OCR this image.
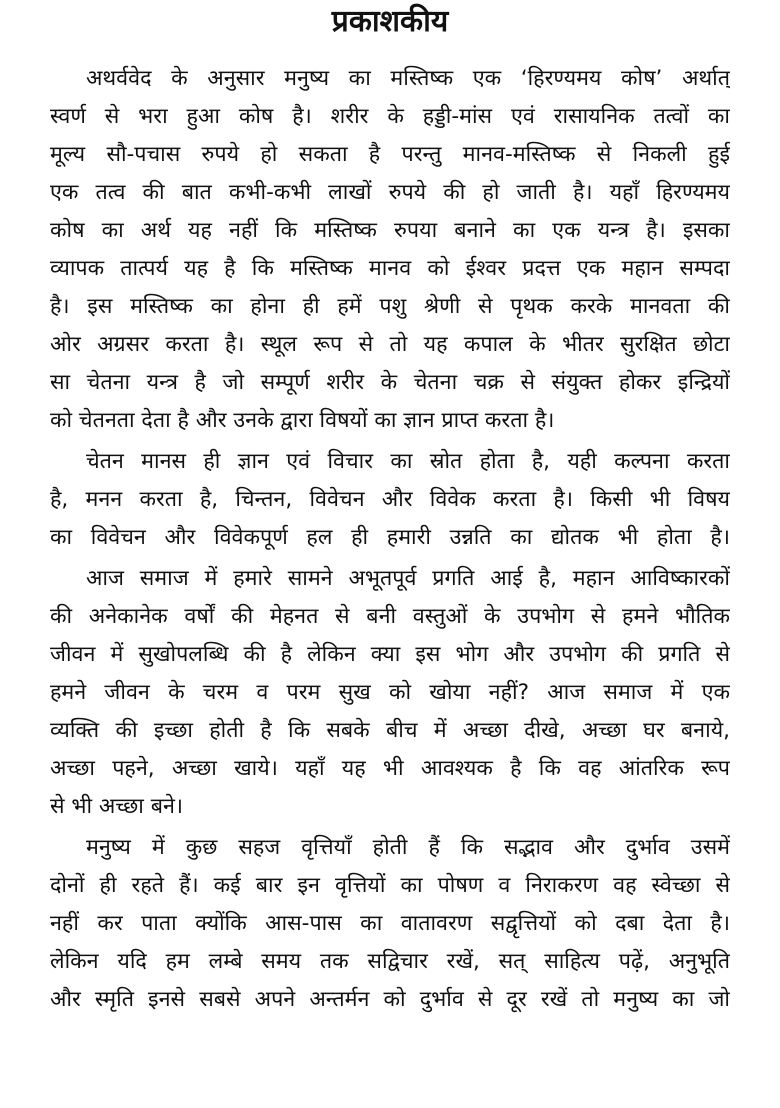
प्रकाशकीय
अथर्ववेद के अनुसार मनुष्य का मस्तिष्क एक ‘हिरण्यमय कोष’ अर्थात्
स्वर्ण से भरा हुआ कोष है। शरीर के हड्डी-मांस एवं रासायनिक तत्वों का
मूल्य सौ-पचास रुपये हो सकता है परन्तु मानव-मस्तिष्क से निकली हुई
एक तत्व की बात कभी-कभी लाखों रुपये की हो जाती है। यहाँ हिरण्यमय
कोष का अर्थ यह नहीं कि मस्तिष्क रुपया बनाने का एक यन्त्र है। इसका
व्यापक तात्पर्य यह है कि मस्तिष्क मानव को ईश्वर प्रदत्त एक महान सम्पदा
है। इस मस्तिष्क का होना ही हमें पशु श्रेणी से पृथक करके मानवता की
ओर अग्रसर करता है। स्थूल रूप से तो यह कपाल के भीतर सुरक्षित छोटा
सा चेतना यन्त्र है जो सम्पूर्ण शरीर के चेतना चक्र से संयुक्त होकर इन्द्रियों
को चेतनता देता है और उनके द्वारा विषयों का ज्ञान प्राप्त करता है।
चेतन मानस ही ज्ञान एवं विचार का स्रोत होता है, यही कल्पना करता
है, मनन करता है, चिन्तन, विवेचन और विवेक करता है। किसी भी विषय
का विवेचन और विवेकपूर्ण हल ही हमारी उन्नति का द्योतक भी होता है।
आज समाज में हमारे सामने अभूतपूर्व प्रगति आई है, महान आविष्कारकों
की अनेकानेक वर्षों की मेहनत से बनी वस्तुओं के उपभोग से हमने भौतिक
जीवन में सुखोपलब्धि की है लेकिन क्या इस भोग और उपभोग की प्रगति से
हमने जीवन के चरम व परम सुख को खोया नहीं? आज समाज में एक
व्यक्ति की इच्छा होती है कि सबके बीच में अच्छा दीखे, अच्छा घर बनाये,
अच्छा पहने, अच्छा खाये। यहाँ यह भी आवश्यक है कि वह आंतरिक रूप
से भी अच्छा बने।
मनुष्य में कुछ सहज वृत्तियाँ होती हैं कि सद्भाव और दुर्भाव उसमें
दोनों ही रहते हैं। कई बार इन वृत्तियों का पोषण व निराकरण वह स्वेच्छा से
नहीं कर पाता क्योंकि आस-पास का वातावरण सद्वृत्तियों को दबा देता है।
लेकिन यदि हम लम्बे समय तक सद्विचार रखें, सत् साहित्य पढ़ें, अनुभूति
और स्मृति इनसे सबसे अपने अन्तर्मन को दुर्भाव से दूर रखें तो मनुष्य का जो
